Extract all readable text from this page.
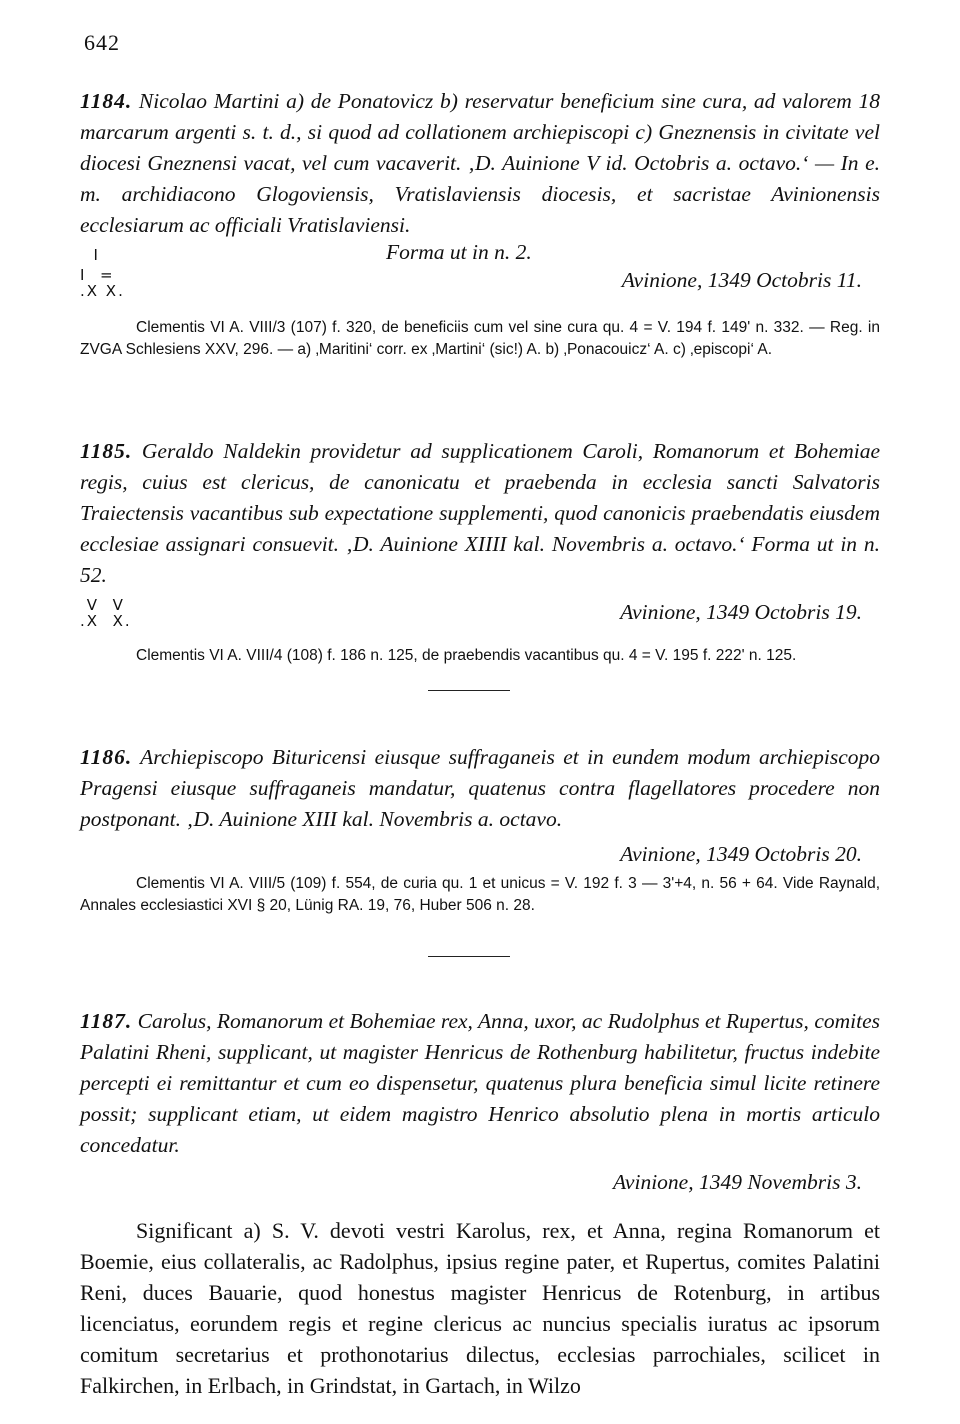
642

1184. Nicolao Martini a) de Ponatovicz b) reservatur beneficium sine cura, ad valorem 18 marcarum argenti s. t. d., si quod ad collationem archiepiscopi c) Gneznensis in civitate vel diocesi Gneznensi vacat, vel cum vacaverit. ‚D. Auinione V id. Octobris a. octavo.‘ — In e. m. archidiacono Glogoviensis, Vratislaviensis diocesis, et sacristae Avinionensis ecclesiarum ac officiali Vratislaviensi.

I	Forma ut in n. 2.
I  =
.X X.	Avinione, 1349 Octobris 11.

Clementis VI A. VIII/3 (107) f. 320, de beneficiis cum vel sine cura qu. 4 = V. 194 f. 149' n. 332. — Reg. in ZVGA Schlesiens XXV, 296. — a) ‚Maritini‘ corr. ex ‚Martini‘ (sic!) A. b) ‚Ponacouicz‘ A. c) ‚episcopi‘ A.

1185. Geraldo Naldekin providetur ad supplicationem Caroli, Romanorum et Bohemiae regis, cuius est clericus, de canonicatu et praebenda in ecclesia sancti Salvatoris Traiectensis vacantibus sub expectatione supplementi, quod canonicis praebendatis eiusdem ecclesiae assignari consuevit. ‚D. Auinione XIIII kal. Novembris a. octavo.‘ Forma ut in n. 52.

V  V
.X  X.	Avinione, 1349 Octobris 19.

Clementis VI A. VIII/4 (108) f. 186 n. 125, de praebendis vacantibus qu. 4 = V. 195 f. 222' n. 125.

1186. Archiepiscopo Bituricensi eiusque suffraganeis et in eundem modum archiepiscopo Pragensi eiusque suffraganeis mandatur, quatenus contra flagellatores procedere non postponant. ‚D. Auinione XIII kal. Novembris a. octavo.

Avinione, 1349 Octobris 20.

Clementis VI A. VIII/5 (109) f. 554, de curia qu. 1 et unicus = V. 192 f. 3 — 3'+4, n. 56 + 64. Vide Raynald, Annales ecclesiastici XVI § 20, Lünig RA. 19, 76, Huber 506 n. 28.

1187. Carolus, Romanorum et Bohemiae rex, Anna, uxor, ac Rudolphus et Rupertus, comites Palatini Rheni, supplicant, ut magister Henricus de Rothenburg habilitetur, fructus indebite percepti ei remittantur et cum eo dispensetur, quatenus plura beneficia simul licite retinere possit; supplicant etiam, ut eidem magistro Henrico absolutio plena in mortis articulo concedatur.

Avinione, 1349 Novembris 3.

Significant a) S. V. devoti vestri Karolus, rex, et Anna, regina Romanorum et Boemie, eius collateralis, ac Radolphus, ipsius regine pater, et Rupertus, comites Palatini Reni, duces Bauarie, quod honestus magister Henricus de Rotenburg, in artibus licenciatus, eorundem regis et regine clericus ac nuncius specialis iuratus ac ipsorum comitum secretarius et prothonotarius dilectus, ecclesias parrochiales, scilicet in Falkirchen, in Erlbach, in Grindstat, in Gartach, in Wilzo
